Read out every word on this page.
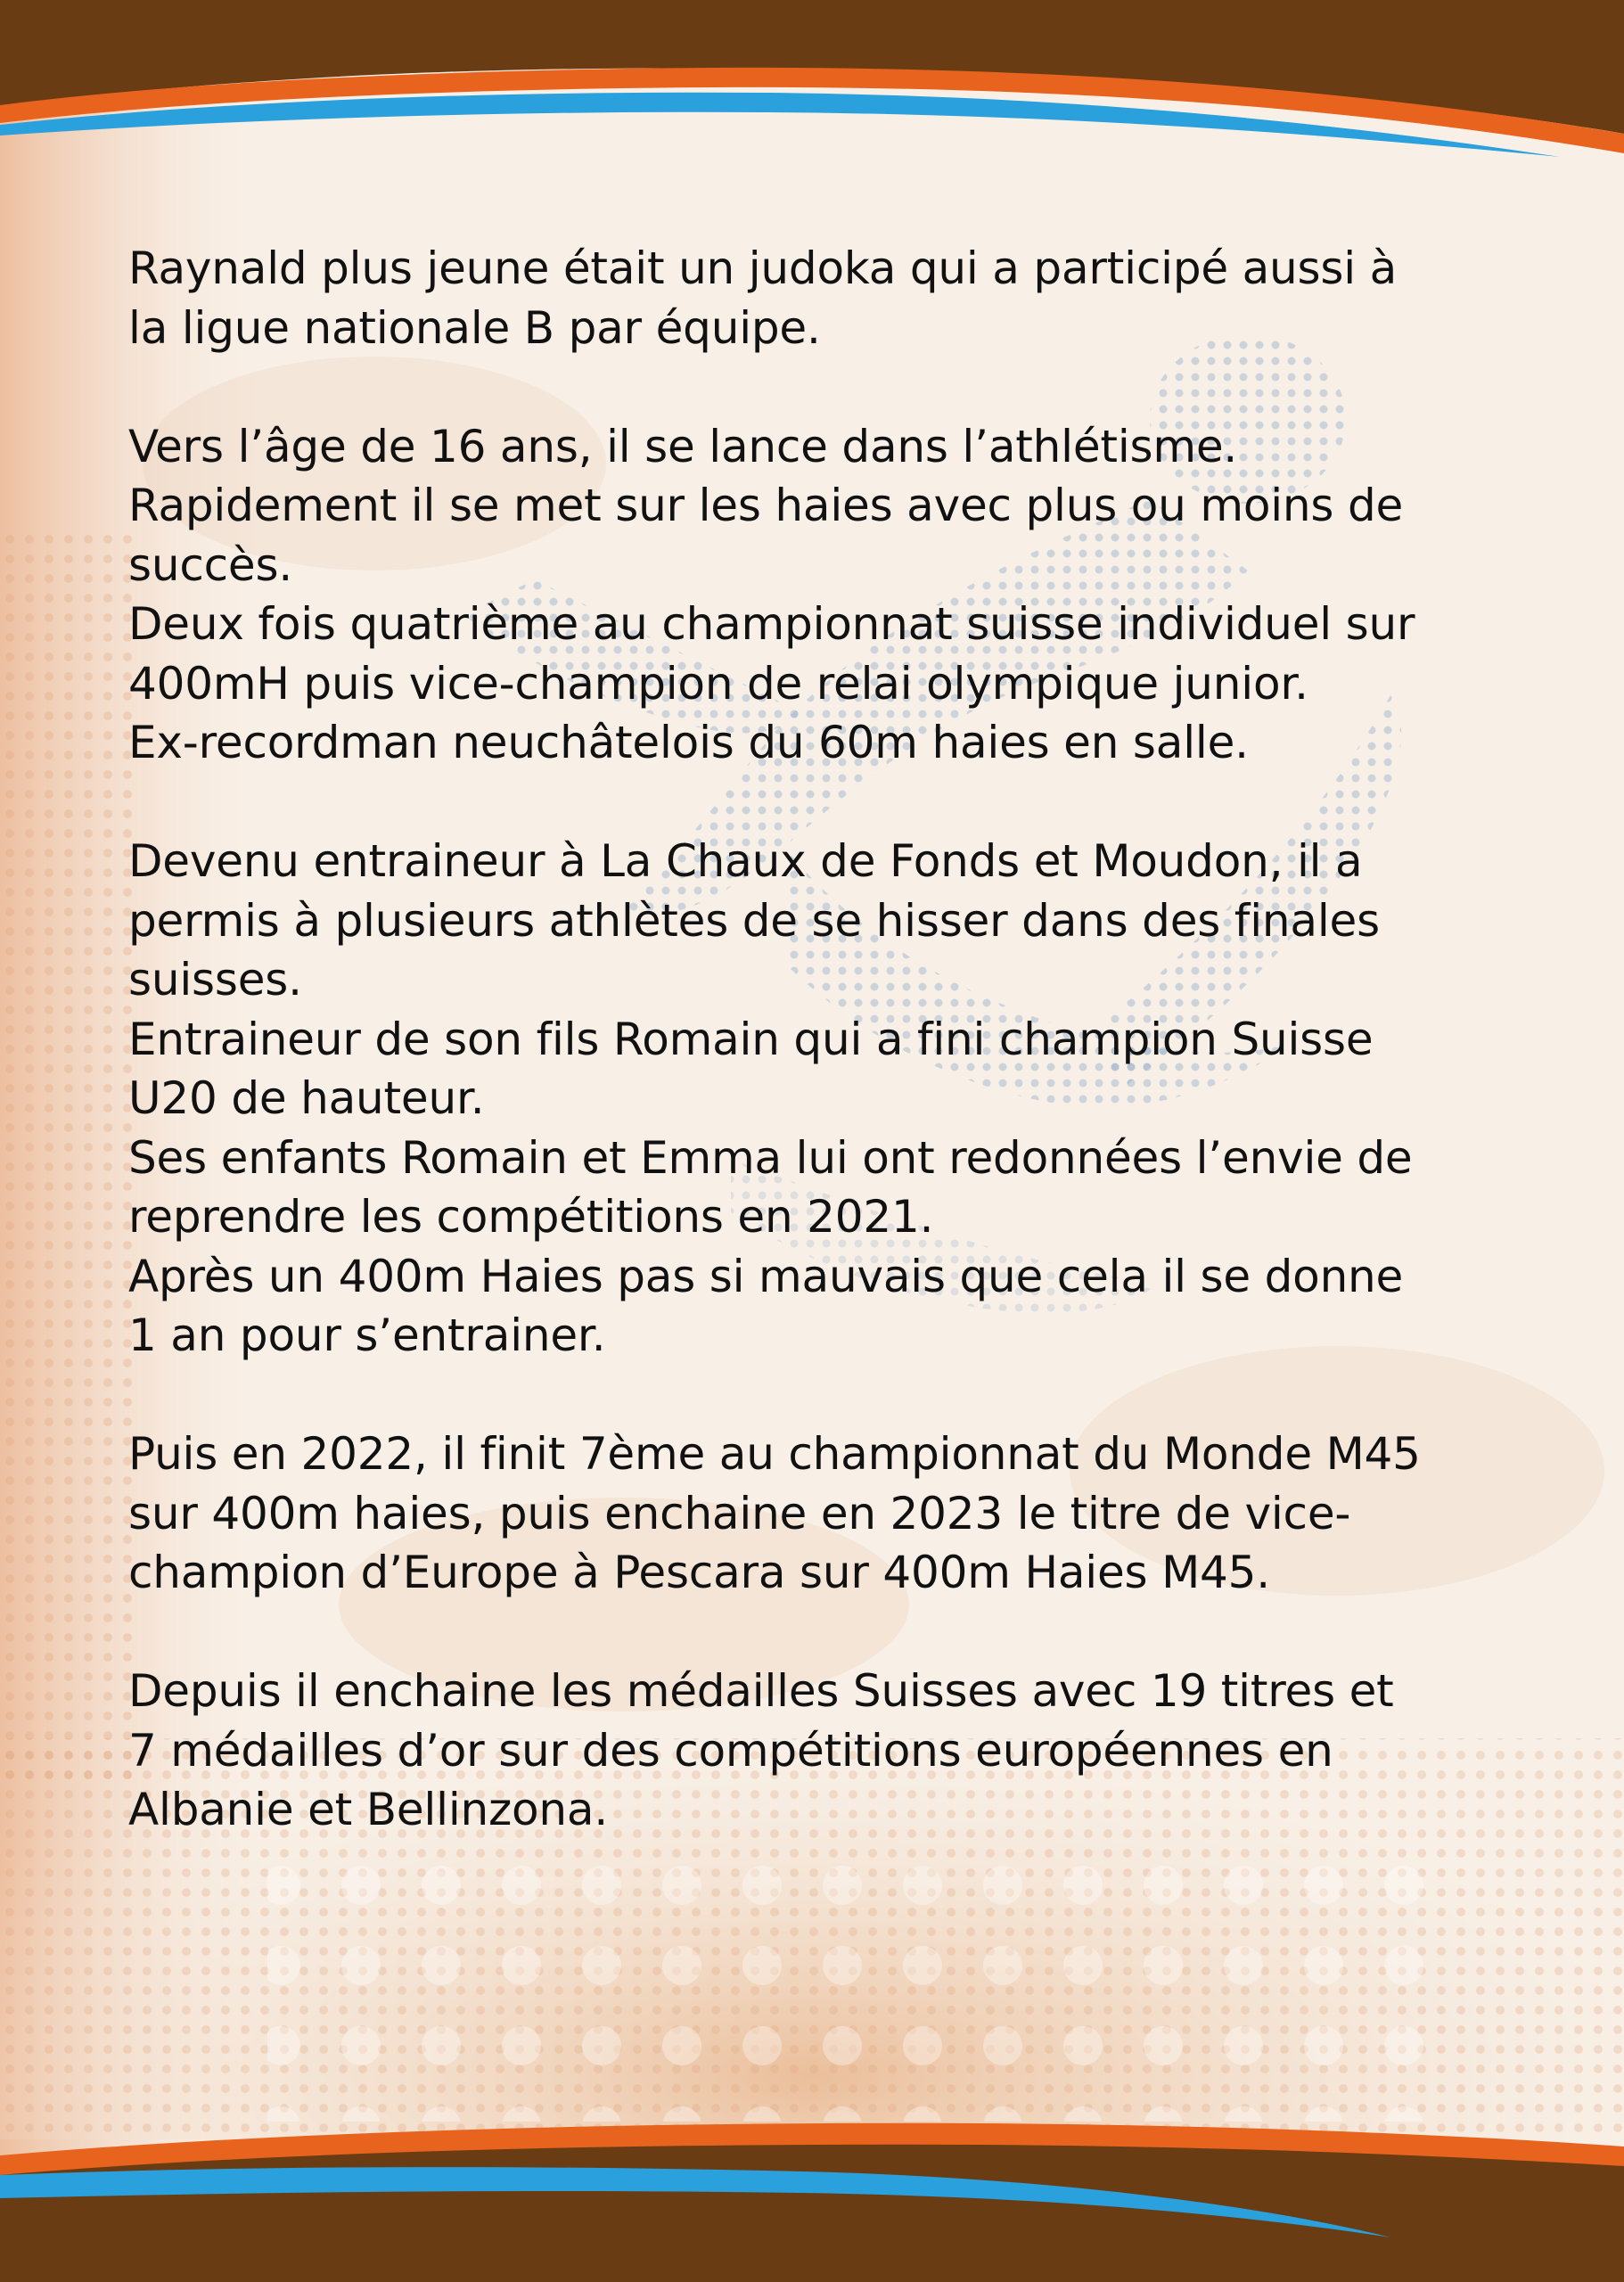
Raynald plus jeune était un judoka qui a participé aussi à
la ligue nationale B par équipe.

Vers l’âge de 16 ans, il se lance dans l’athlétisme.
Rapidement il se met sur les haies avec plus ou moins de
succès.
Deux fois quatrième au championnat suisse individuel sur
400mH puis vice-champion de relai olympique junior.
Ex-recordman neuchâtelois du 60m haies en salle.

Devenu entraineur à La Chaux de Fonds et Moudon, il a
permis à plusieurs athlètes de se hisser dans des finales
suisses.
Entraineur de son fils Romain qui a fini champion Suisse
U20 de hauteur.
Ses enfants Romain et Emma lui ont redonnées l’envie de
reprendre les compétitions en 2021.
Après un 400m Haies pas si mauvais que cela il se donne
1 an pour s’entrainer.

Puis en 2022, il finit 7ème au championnat du Monde M45
sur 400m haies, puis enchaine en 2023 le titre de vice-
champion d’Europe à Pescara sur 400m Haies M45.

Depuis il enchaine les médailles Suisses avec 19 titres et
7 médailles d’or sur des compétitions européennes en
Albanie et Bellinzona.
